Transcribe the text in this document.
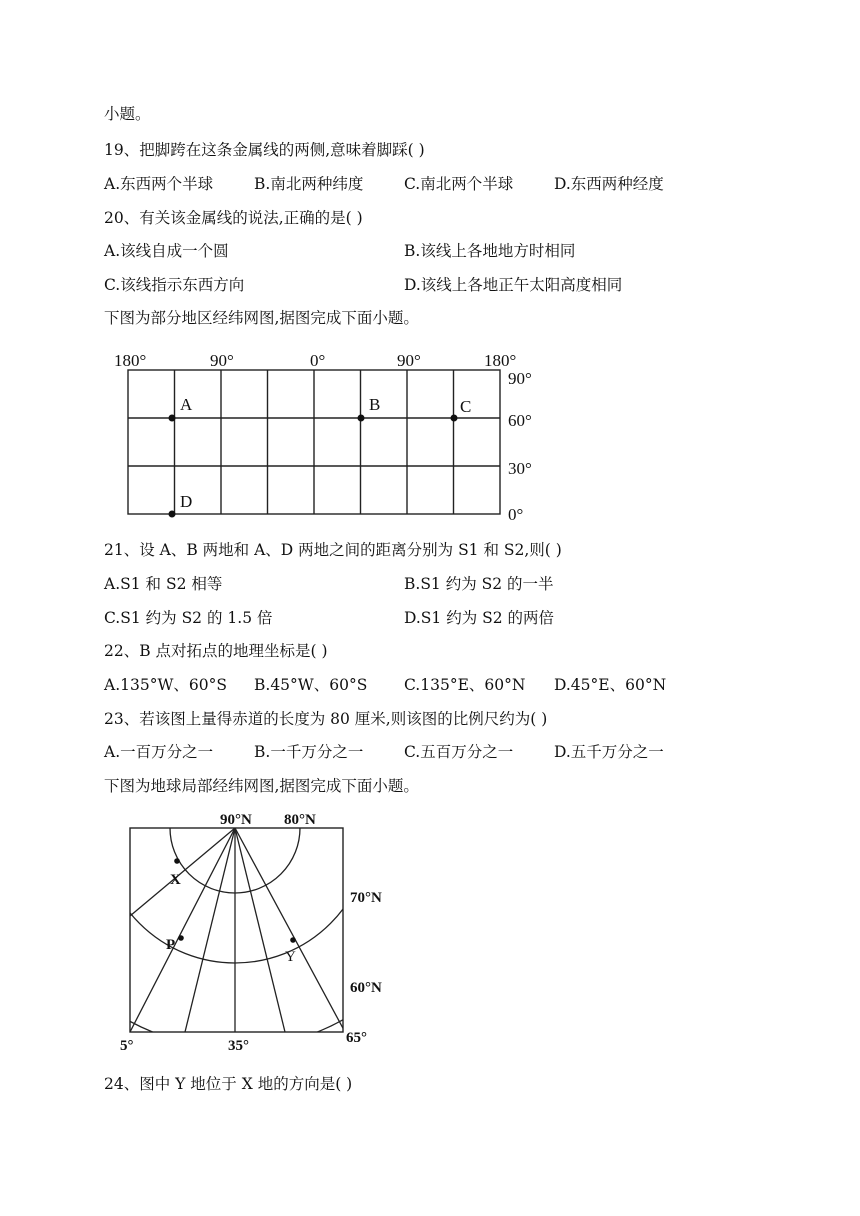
小题。
19、把脚跨在这条金属线的两侧,意味着脚踩( )
A.东西两个半球	B.南北两种纬度	C.南北两个半球	D.东西两种经度
20、有关该金属线的说法,正确的是( )
A.该线自成一个圆	B.该线上各地地方时相同
C.该线指示东西方向	D.该线上各地正午太阳高度相同
下图为部分地区经纬网图,据图完成下面小题。
180°	90°	0°	90°	180°
90°
60°
30°
0°
A	B	C
D
21、设 A、B 两地和 A、D 两地之间的距离分别为 S1 和 S2,则( )
A.S1 和 S2 相等	B.S1 约为 S2 的一半
C.S1 约为 S2 的 1.5 倍	D.S1 约为 S2 的两倍
22、B 点对拓点的地理坐标是( )
A.135°W、60°S B.45°W、60°S C.135°E、60°N D.45°E、60°N
23、若该图上量得赤道的长度为 80 厘米,则该图的比例尺约为( )
A.一百万分之一	B.一千万分之一	C.五百万分之一	D.五千万分之一
下图为地球局部经纬网图,据图完成下面小题。
90°N 80°N
70°N
60°N
5°	35°	65°
X
P
Y
24、图中 Y 地位于 X 地的方向是( )
